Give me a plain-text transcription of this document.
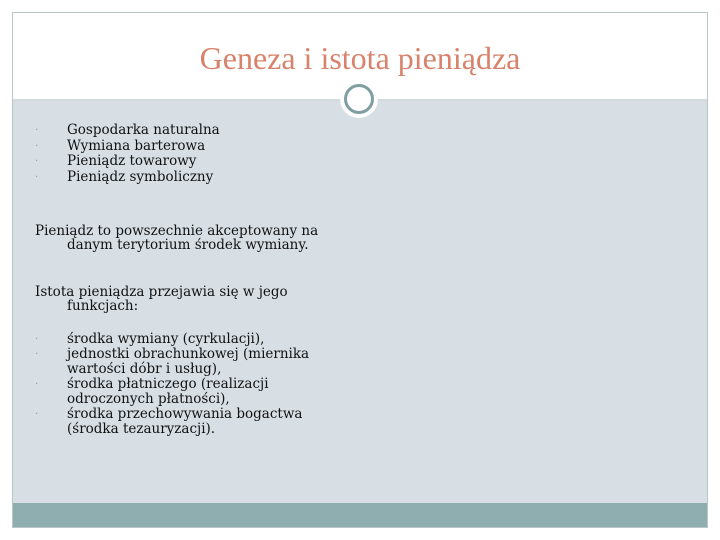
Geneza i istota pieniądza
· Gospodarka naturalna
· Wymiana barterowa
· Pieniądz towarowy
· Pieniądz symboliczny
Pieniądz to powszechnie akceptowany na danym terytorium środek wymiany.
Istota pieniądza przejawia się w jego funkcjach:
· środka wymiany (cyrkulacji),
· jednostki obrachunkowej (miernika wartości dóbr i usług),
· środka płatniczego (realizacji odroczonych płatności),
· środka przechowywania bogactwa (środka tezauryzacji).
